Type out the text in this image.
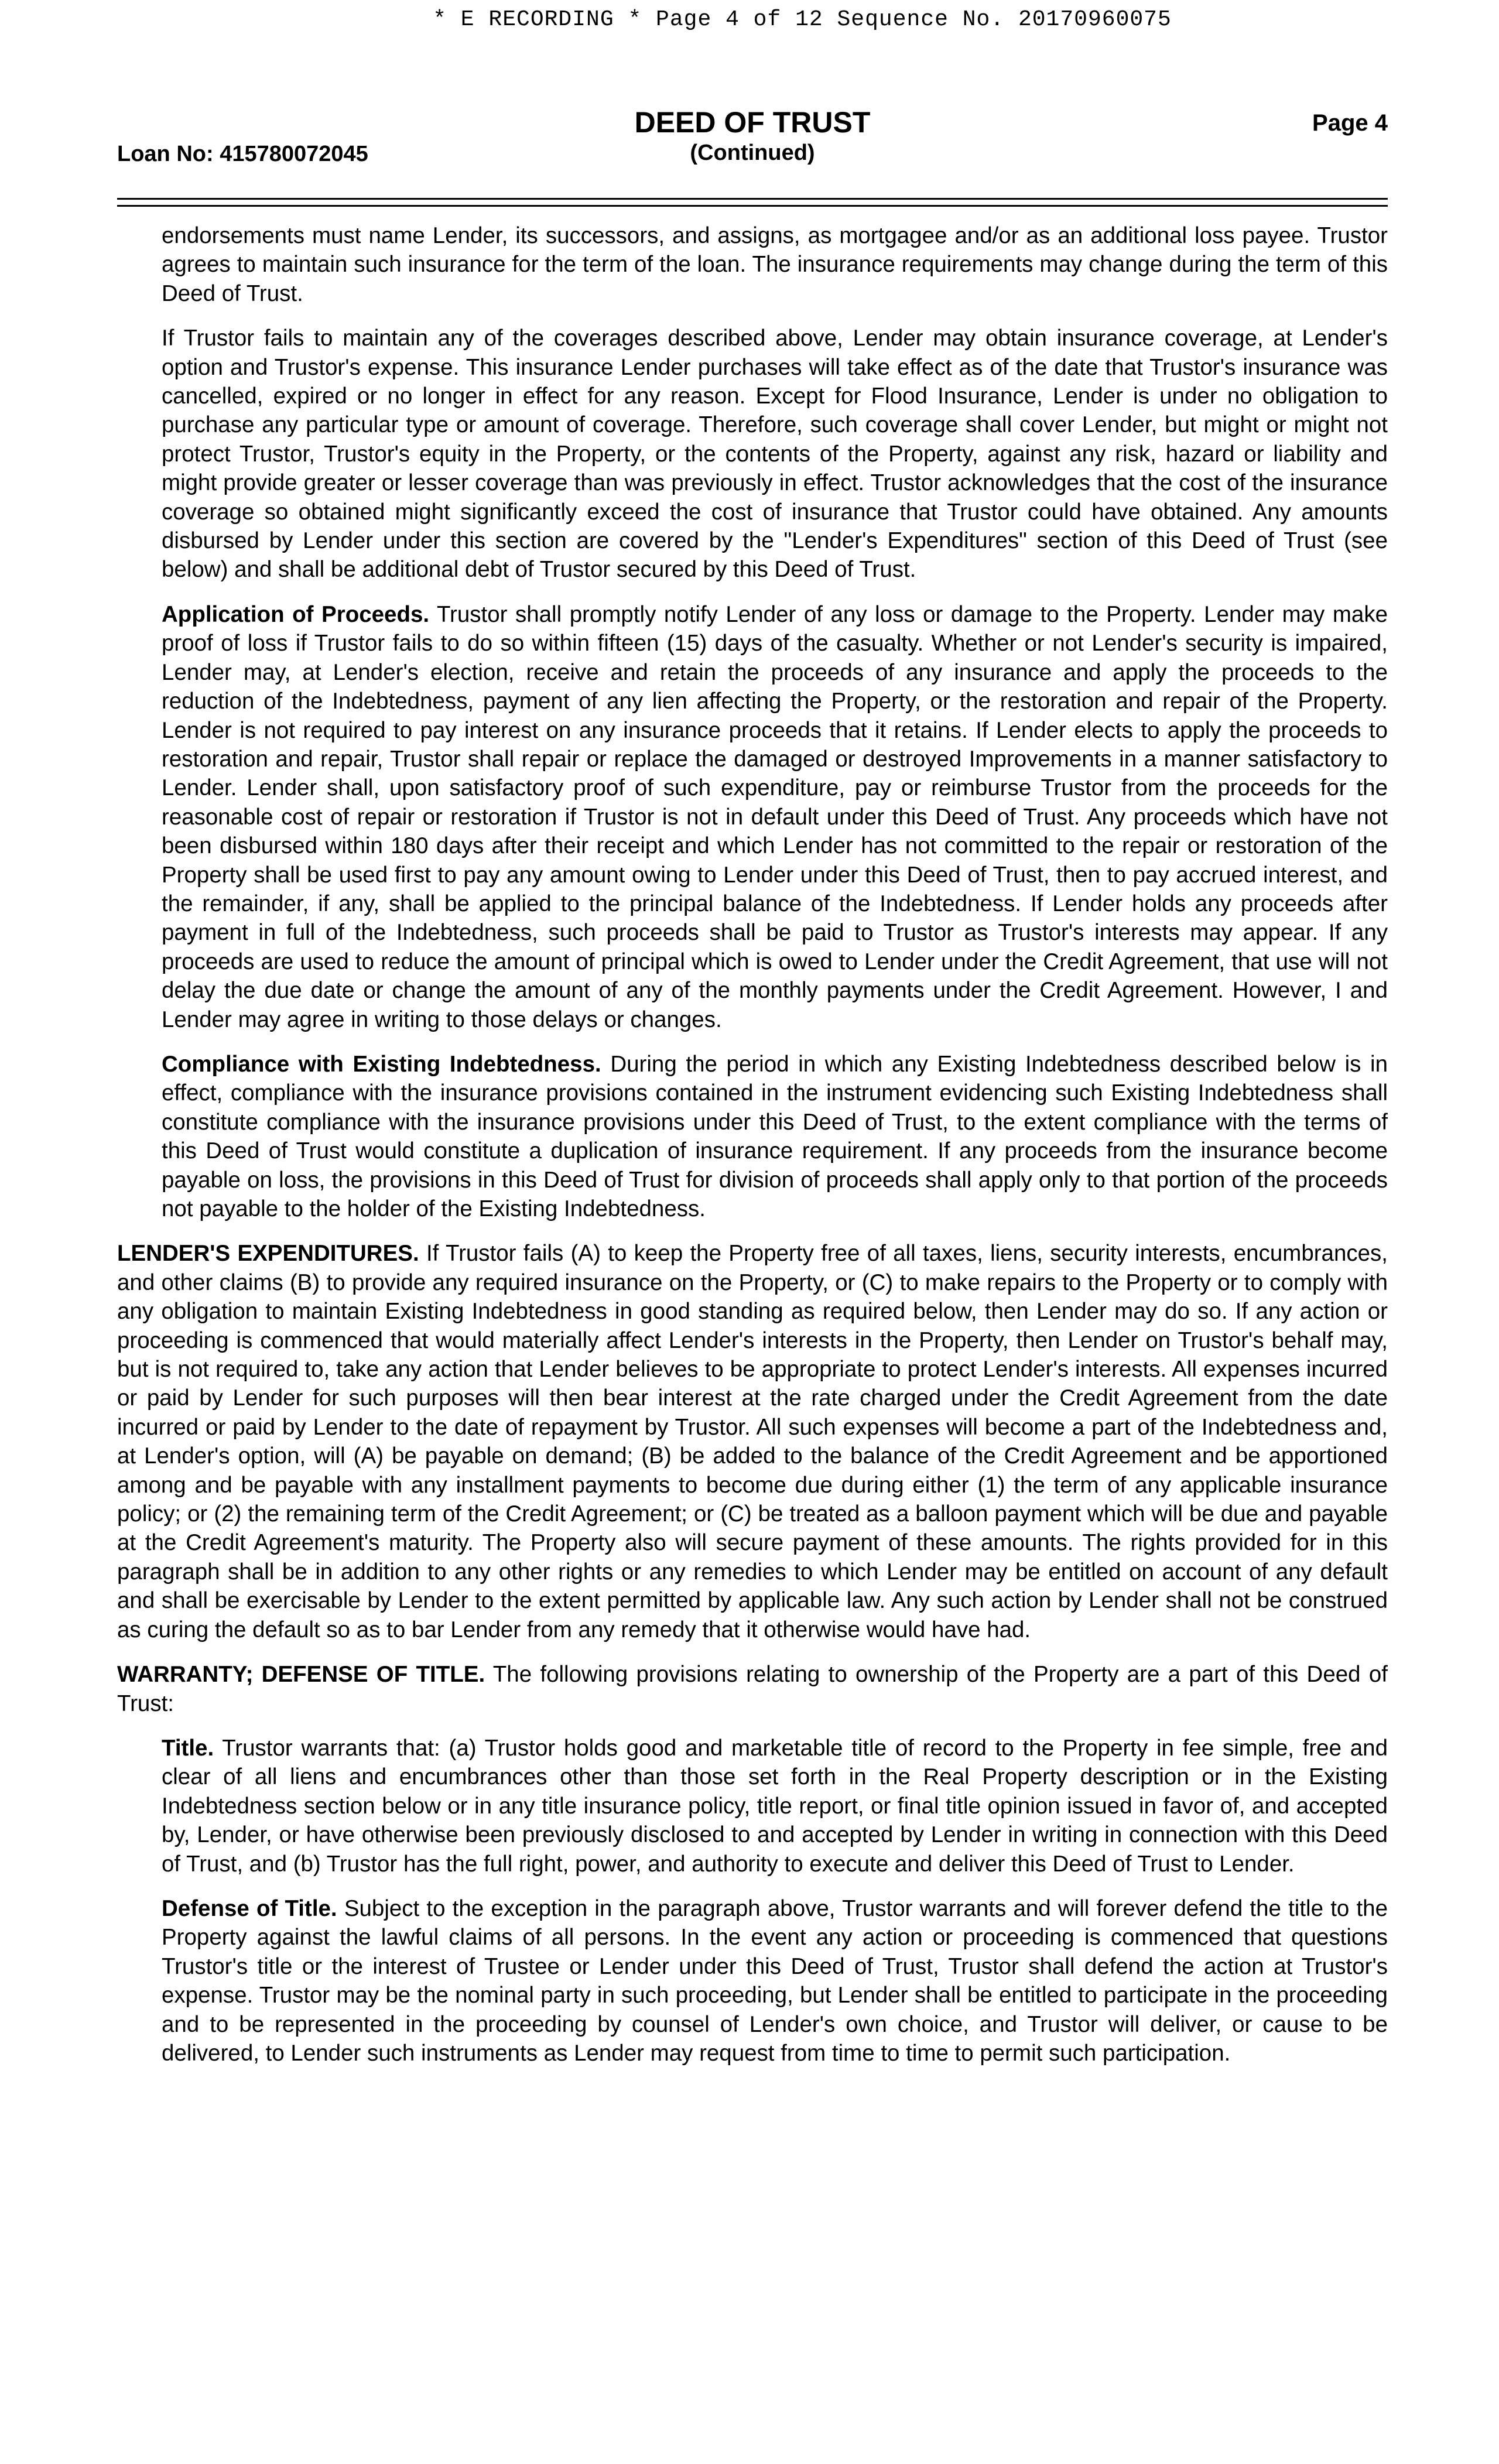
* E RECORDING * Page 4 of 12 Sequence No. 20170960075
DEED OF TRUST
(Continued)
Loan No: 415780072045
Page 4

endorsements must name Lender, its successors, and assigns, as mortgagee and/or as an additional loss payee. Trustor agrees to maintain such insurance for the term of the loan. The insurance requirements may change during the term of this Deed of Trust.

If Trustor fails to maintain any of the coverages described above, Lender may obtain insurance coverage, at Lender's option and Trustor's expense. This insurance Lender purchases will take effect as of the date that Trustor's insurance was cancelled, expired or no longer in effect for any reason. Except for Flood Insurance, Lender is under no obligation to purchase any particular type or amount of coverage. Therefore, such coverage shall cover Lender, but might or might not protect Trustor, Trustor's equity in the Property, or the contents of the Property, against any risk, hazard or liability and might provide greater or lesser coverage than was previously in effect. Trustor acknowledges that the cost of the insurance coverage so obtained might significantly exceed the cost of insurance that Trustor could have obtained. Any amounts disbursed by Lender under this section are covered by the "Lender's Expenditures" section of this Deed of Trust (see below) and shall be additional debt of Trustor secured by this Deed of Trust.

Application of Proceeds. Trustor shall promptly notify Lender of any loss or damage to the Property. Lender may make proof of loss if Trustor fails to do so within fifteen (15) days of the casualty. Whether or not Lender's security is impaired, Lender may, at Lender's election, receive and retain the proceeds of any insurance and apply the proceeds to the reduction of the Indebtedness, payment of any lien affecting the Property, or the restoration and repair of the Property. Lender is not required to pay interest on any insurance proceeds that it retains. If Lender elects to apply the proceeds to restoration and repair, Trustor shall repair or replace the damaged or destroyed Improvements in a manner satisfactory to Lender. Lender shall, upon satisfactory proof of such expenditure, pay or reimburse Trustor from the proceeds for the reasonable cost of repair or restoration if Trustor is not in default under this Deed of Trust. Any proceeds which have not been disbursed within 180 days after their receipt and which Lender has not committed to the repair or restoration of the Property shall be used first to pay any amount owing to Lender under this Deed of Trust, then to pay accrued interest, and the remainder, if any, shall be applied to the principal balance of the Indebtedness. If Lender holds any proceeds after payment in full of the Indebtedness, such proceeds shall be paid to Trustor as Trustor's interests may appear. If any proceeds are used to reduce the amount of principal which is owed to Lender under the Credit Agreement, that use will not delay the due date or change the amount of any of the monthly payments under the Credit Agreement. However, I and Lender may agree in writing to those delays or changes.

Compliance with Existing Indebtedness. During the period in which any Existing Indebtedness described below is in effect, compliance with the insurance provisions contained in the instrument evidencing such Existing Indebtedness shall constitute compliance with the insurance provisions under this Deed of Trust, to the extent compliance with the terms of this Deed of Trust would constitute a duplication of insurance requirement. If any proceeds from the insurance become payable on loss, the provisions in this Deed of Trust for division of proceeds shall apply only to that portion of the proceeds not payable to the holder of the Existing Indebtedness.

LENDER'S EXPENDITURES. If Trustor fails (A) to keep the Property free of all taxes, liens, security interests, encumbrances, and other claims (B) to provide any required insurance on the Property, or (C) to make repairs to the Property or to comply with any obligation to maintain Existing Indebtedness in good standing as required below, then Lender may do so. If any action or proceeding is commenced that would materially affect Lender's interests in the Property, then Lender on Trustor's behalf may, but is not required to, take any action that Lender believes to be appropriate to protect Lender's interests. All expenses incurred or paid by Lender for such purposes will then bear interest at the rate charged under the Credit Agreement from the date incurred or paid by Lender to the date of repayment by Trustor. All such expenses will become a part of the Indebtedness and, at Lender's option, will (A) be payable on demand; (B) be added to the balance of the Credit Agreement and be apportioned among and be payable with any installment payments to become due during either (1) the term of any applicable insurance policy; or (2) the remaining term of the Credit Agreement; or (C) be treated as a balloon payment which will be due and payable at the Credit Agreement's maturity. The Property also will secure payment of these amounts. The rights provided for in this paragraph shall be in addition to any other rights or any remedies to which Lender may be entitled on account of any default and shall be exercisable by Lender to the extent permitted by applicable law. Any such action by Lender shall not be construed as curing the default so as to bar Lender from any remedy that it otherwise would have had.

WARRANTY; DEFENSE OF TITLE. The following provisions relating to ownership of the Property are a part of this Deed of Trust:

Title. Trustor warrants that: (a) Trustor holds good and marketable title of record to the Property in fee simple, free and clear of all liens and encumbrances other than those set forth in the Real Property description or in the Existing Indebtedness section below or in any title insurance policy, title report, or final title opinion issued in favor of, and accepted by, Lender, or have otherwise been previously disclosed to and accepted by Lender in writing in connection with this Deed of Trust, and (b) Trustor has the full right, power, and authority to execute and deliver this Deed of Trust to Lender.

Defense of Title. Subject to the exception in the paragraph above, Trustor warrants and will forever defend the title to the Property against the lawful claims of all persons. In the event any action or proceeding is commenced that questions Trustor's title or the interest of Trustee or Lender under this Deed of Trust, Trustor shall defend the action at Trustor's expense. Trustor may be the nominal party in such proceeding, but Lender shall be entitled to participate in the proceeding and to be represented in the proceeding by counsel of Lender's own choice, and Trustor will deliver, or cause to be delivered, to Lender such instruments as Lender may request from time to time to permit such participation.
